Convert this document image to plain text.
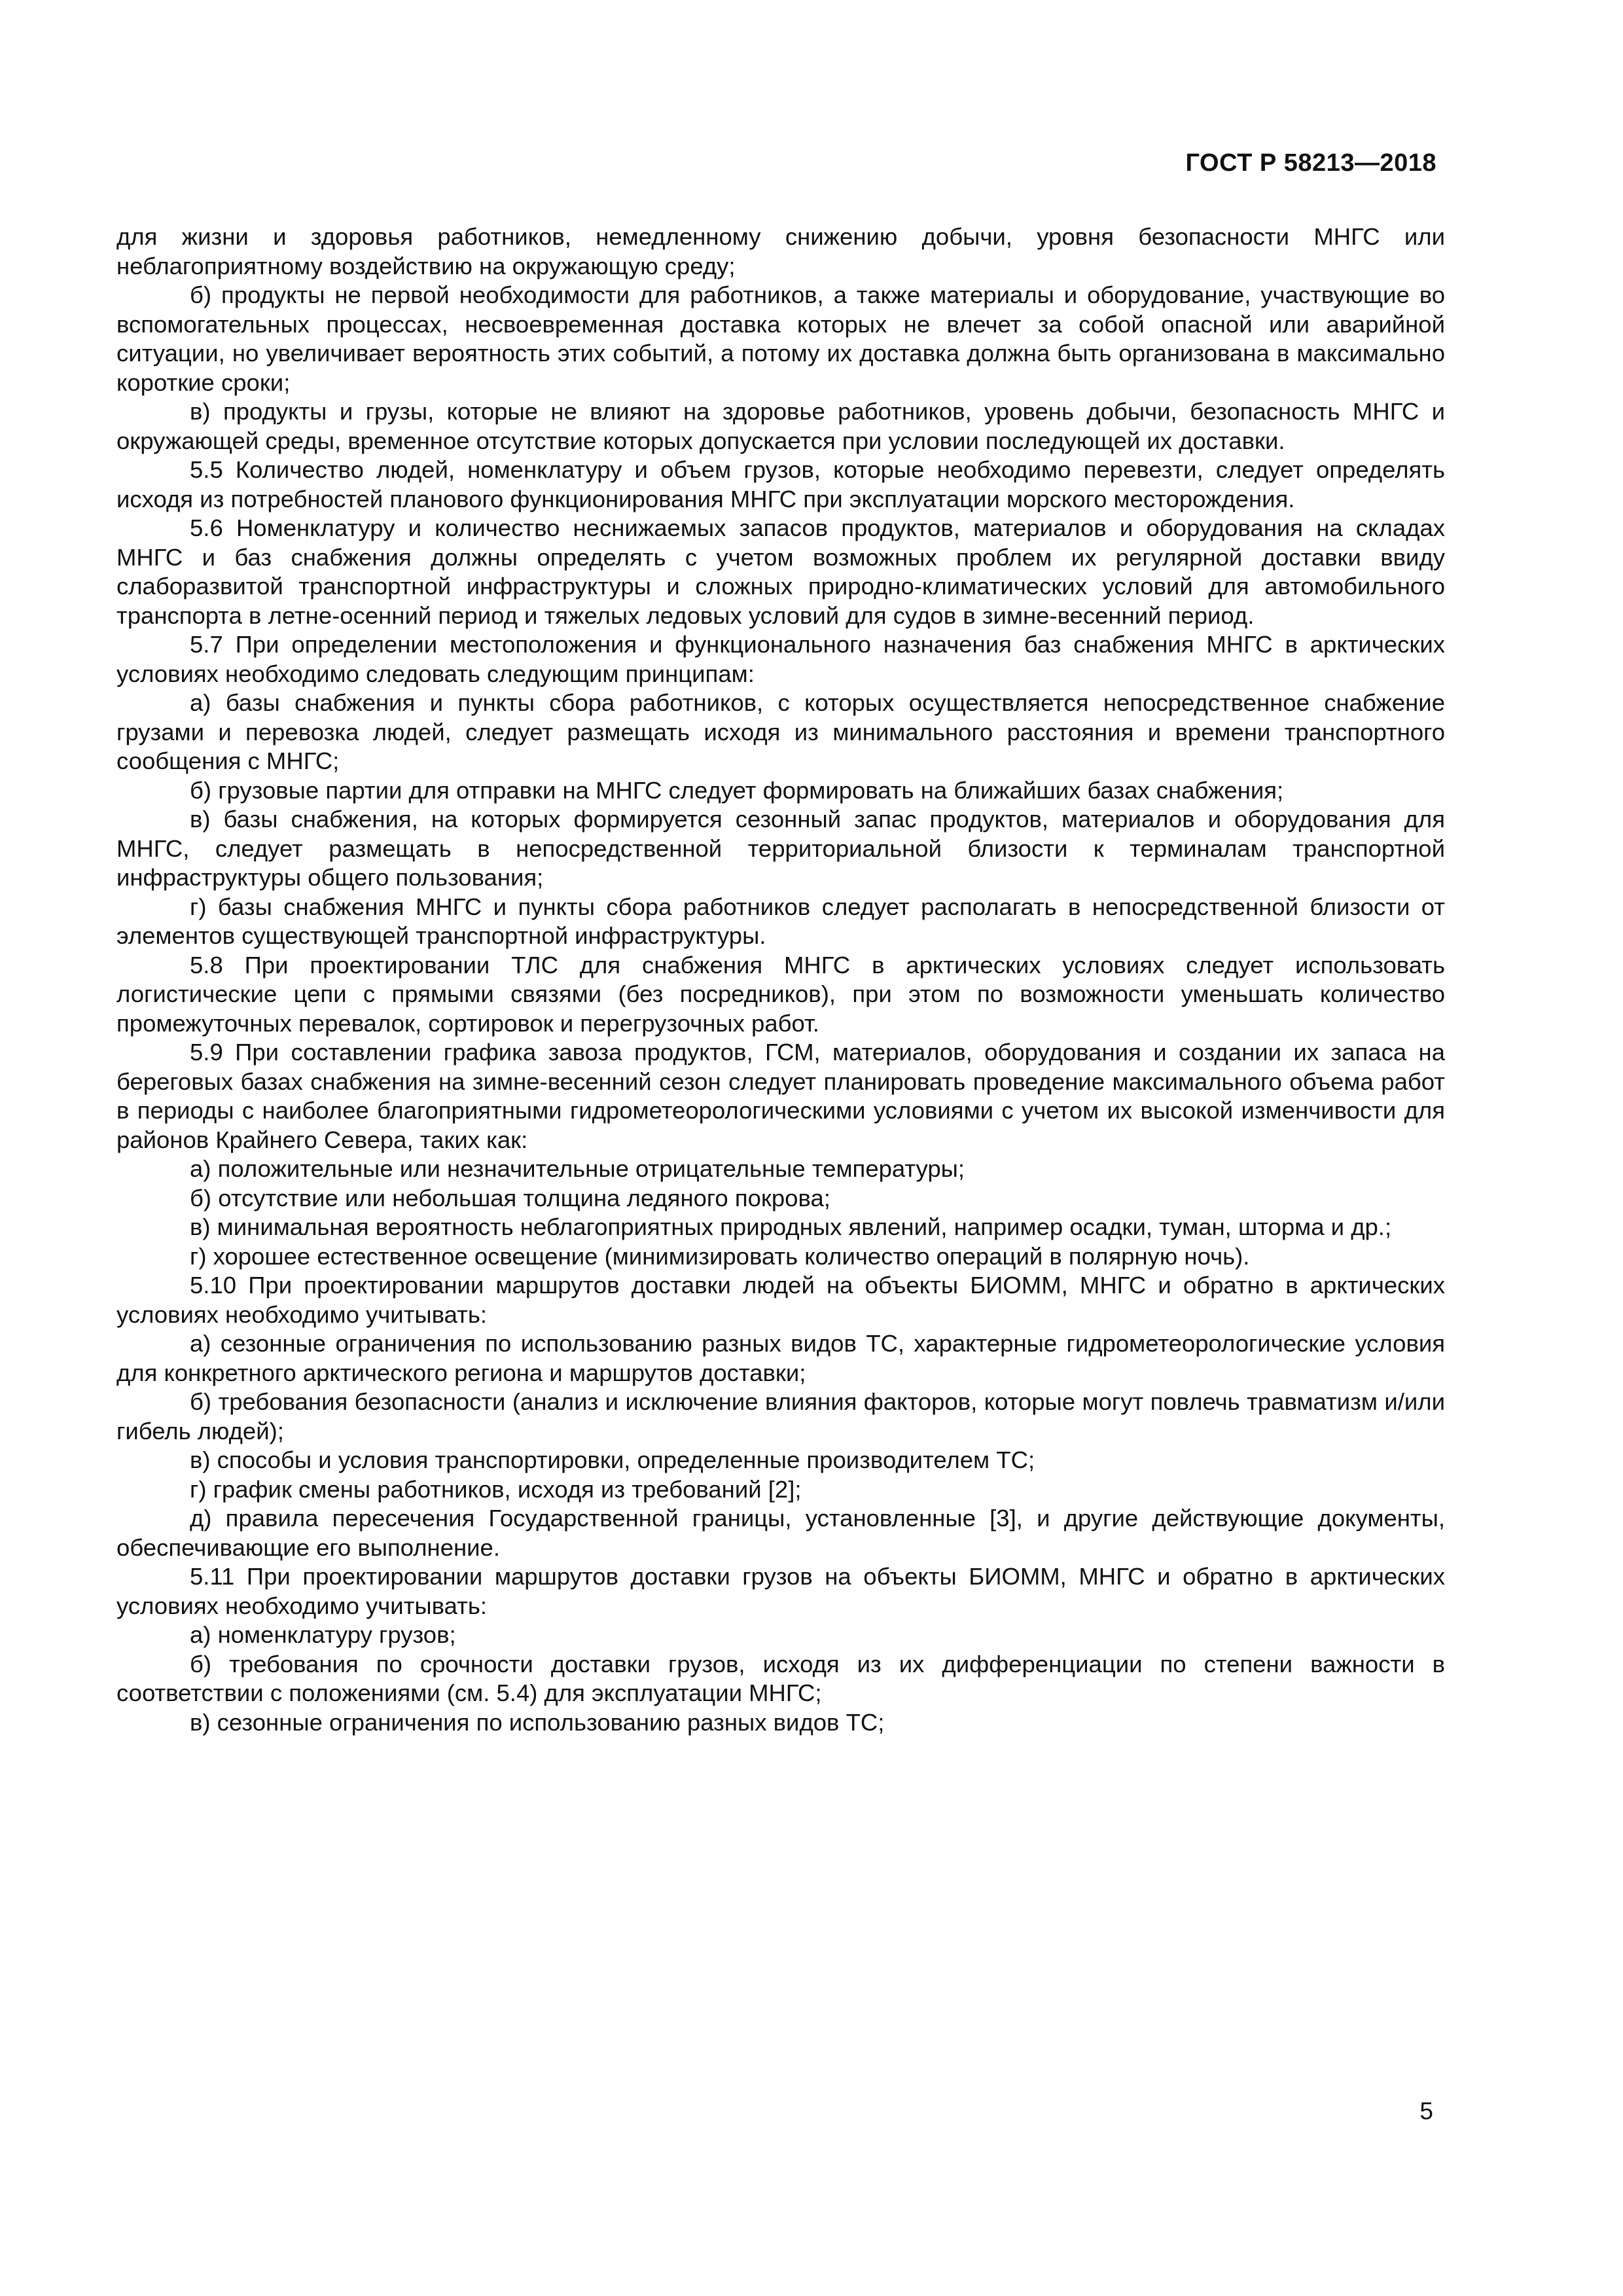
ГОСТ Р 58213—2018

для жизни и здоровья работников, немедленному снижению добычи, уровня безопасности МНГС или неблагоприятному воздействию на окружающую среду;

б) продукты не первой необходимости для работников, а также материалы и оборудование, участвующие во вспомогательных процессах, несвоевременная доставка которых не влечет за собой опасной или аварийной ситуации, но увеличивает вероятность этих событий, а потому их доставка должна быть организована в максимально короткие сроки;

в) продукты и грузы, которые не влияют на здоровье работников, уровень добычи, безопасность МНГС и окружающей среды, временное отсутствие которых допускается при условии последующей их доставки.

5.5 Количество людей, номенклатуру и объем грузов, которые необходимо перевезти, следует определять исходя из потребностей планового функционирования МНГС при эксплуатации морского месторождения.

5.6 Номенклатуру и количество неснижаемых запасов продуктов, материалов и оборудования на складах МНГС и баз снабжения должны определять с учетом возможных проблем их регулярной доставки ввиду слаборазвитой транспортной инфраструктуры и сложных природно-климатических условий для автомобильного транспорта в летне-осенний период и тяжелых ледовых условий для судов в зимне-весенний период.

5.7 При определении местоположения и функционального назначения баз снабжения МНГС в арктических условиях необходимо следовать следующим принципам:

а) базы снабжения и пункты сбора работников, с которых осуществляется непосредственное снабжение грузами и перевозка людей, следует размещать исходя из минимального расстояния и времени транспортного сообщения с МНГС;

б) грузовые партии для отправки на МНГС следует формировать на ближайших базах снабжения;

в) базы снабжения, на которых формируется сезонный запас продуктов, материалов и оборудования для МНГС, следует размещать в непосредственной территориальной близости к терминалам транспортной инфраструктуры общего пользования;

г) базы снабжения МНГС и пункты сбора работников следует располагать в непосредственной близости от элементов существующей транспортной инфраструктуры.

5.8 При проектировании ТЛС для снабжения МНГС в арктических условиях следует использовать логистические цепи с прямыми связями (без посредников), при этом по возможности уменьшать количество промежуточных перевалок, сортировок и перегрузочных работ.

5.9 При составлении графика завоза продуктов, ГСМ, материалов, оборудования и создании их запаса на береговых базах снабжения на зимне-весенний сезон следует планировать проведение максимального объема работ в периоды с наиболее благоприятными гидрометеорологическими условиями с учетом их высокой изменчивости для районов Крайнего Севера, таких как:

а) положительные или незначительные отрицательные температуры;

б) отсутствие или небольшая толщина ледяного покрова;

в) минимальная вероятность неблагоприятных природных явлений, например осадки, туман, шторма и др.;

г) хорошее естественное освещение (минимизировать количество операций в полярную ночь).

5.10 При проектировании маршрутов доставки людей на объекты БИОММ, МНГС и обратно в арктических условиях необходимо учитывать:

а) сезонные ограничения по использованию разных видов ТС, характерные гидрометеорологические условия для конкретного арктического региона и маршрутов доставки;

б) требования безопасности (анализ и исключение влияния факторов, которые могут повлечь травматизм и/или гибель людей);

в) способы и условия транспортировки, определенные производителем ТС;

г) график смены работников, исходя из требований [2];

д) правила пересечения Государственной границы, установленные [3], и другие действующие документы, обеспечивающие его выполнение.

5.11 При проектировании маршрутов доставки грузов на объекты БИОММ, МНГС и обратно в арктических условиях необходимо учитывать:

а) номенклатуру грузов;

б) требования по срочности доставки грузов, исходя из их дифференциации по степени важности в соответствии с положениями (см. 5.4) для эксплуатации МНГС;

в) сезонные ограничения по использованию разных видов ТС;

5
